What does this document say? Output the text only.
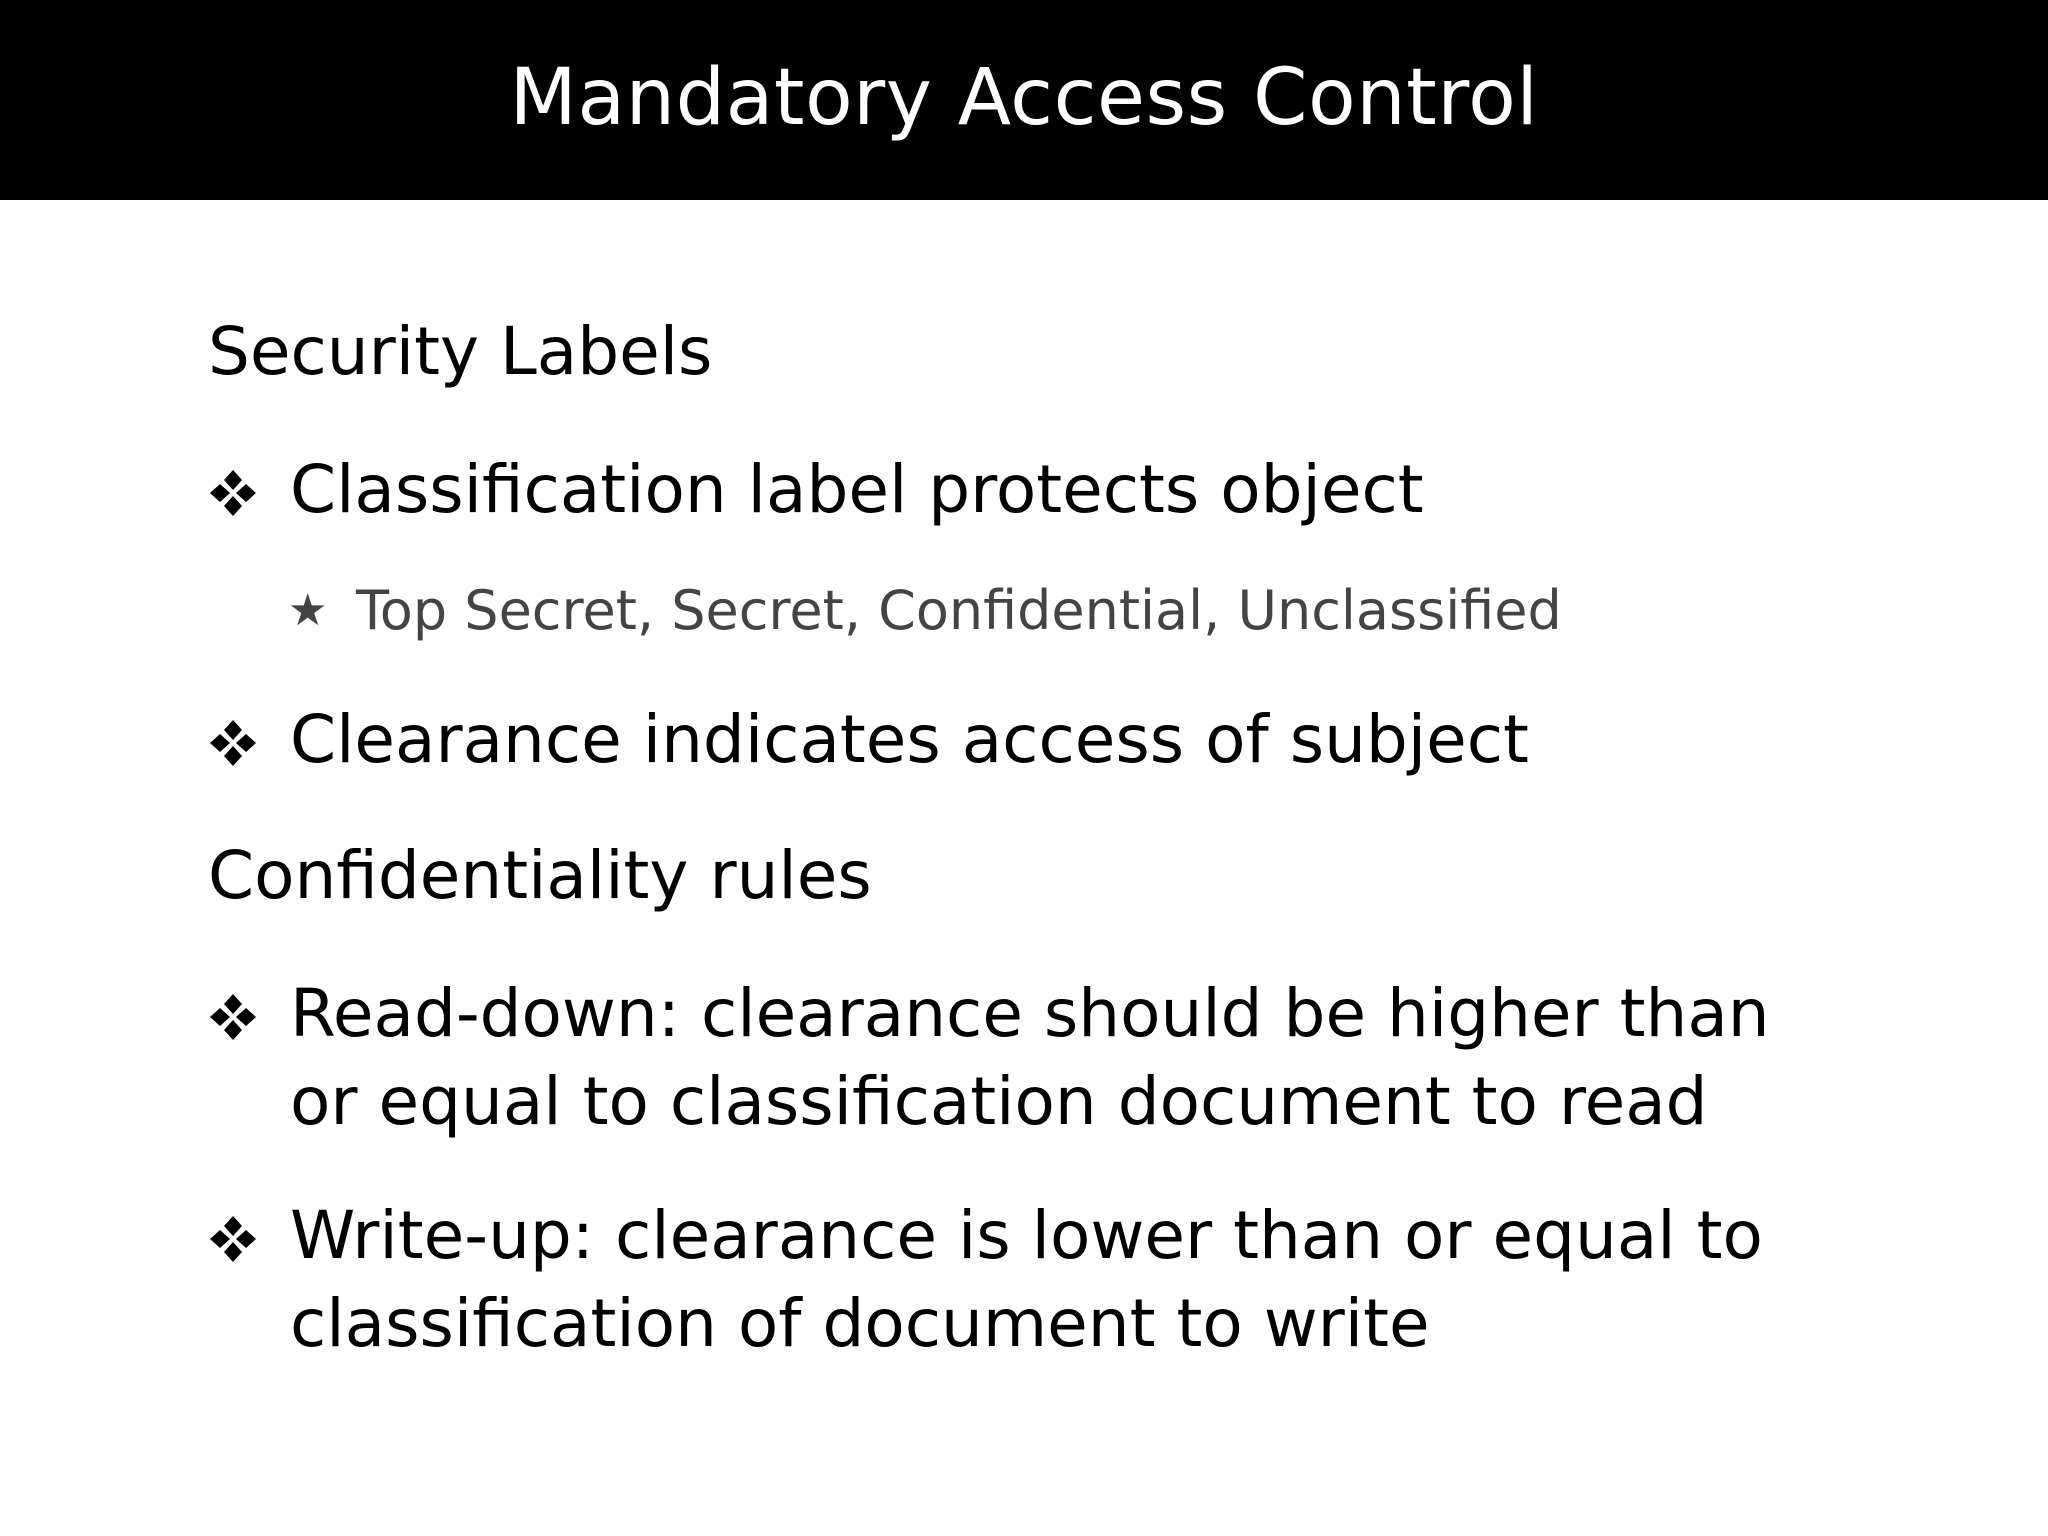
Mandatory Access Control
Security Labels
Classification label protects object
★ Top Secret, Secret, Confidential, Unclassified
Clearance indicates access of subject
Confidentiality rules
Read-down: clearance should be higher than or equal to classification document to read
Write-up: clearance is lower than or equal to classification of document to write
